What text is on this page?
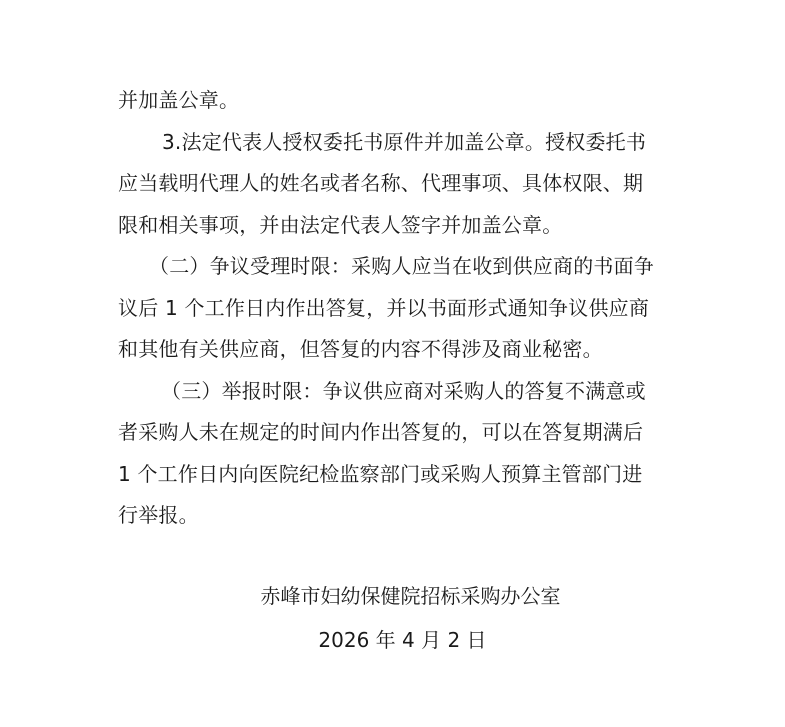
并加盖公章。
3.法定代表人授权委托书原件并加盖公章。授权委托书
应当载明代理人的姓名或者名称、代理事项、具体权限、期
限和相关事项，并由法定代表人签字并加盖公章。
（二）争议受理时限：采购人应当在收到供应商的书面争
议后 1 个工作日内作出答复，并以书面形式通知争议供应商
和其他有关供应商，但答复的内容不得涉及商业秘密。
（三）举报时限：争议供应商对采购人的答复不满意或
者采购人未在规定的时间内作出答复的，可以在答复期满后
1 个工作日内向医院纪检监察部门或采购人预算主管部门进
行举报。
赤峰市妇幼保健院招标采购办公室
2026 年 4 月 2 日
